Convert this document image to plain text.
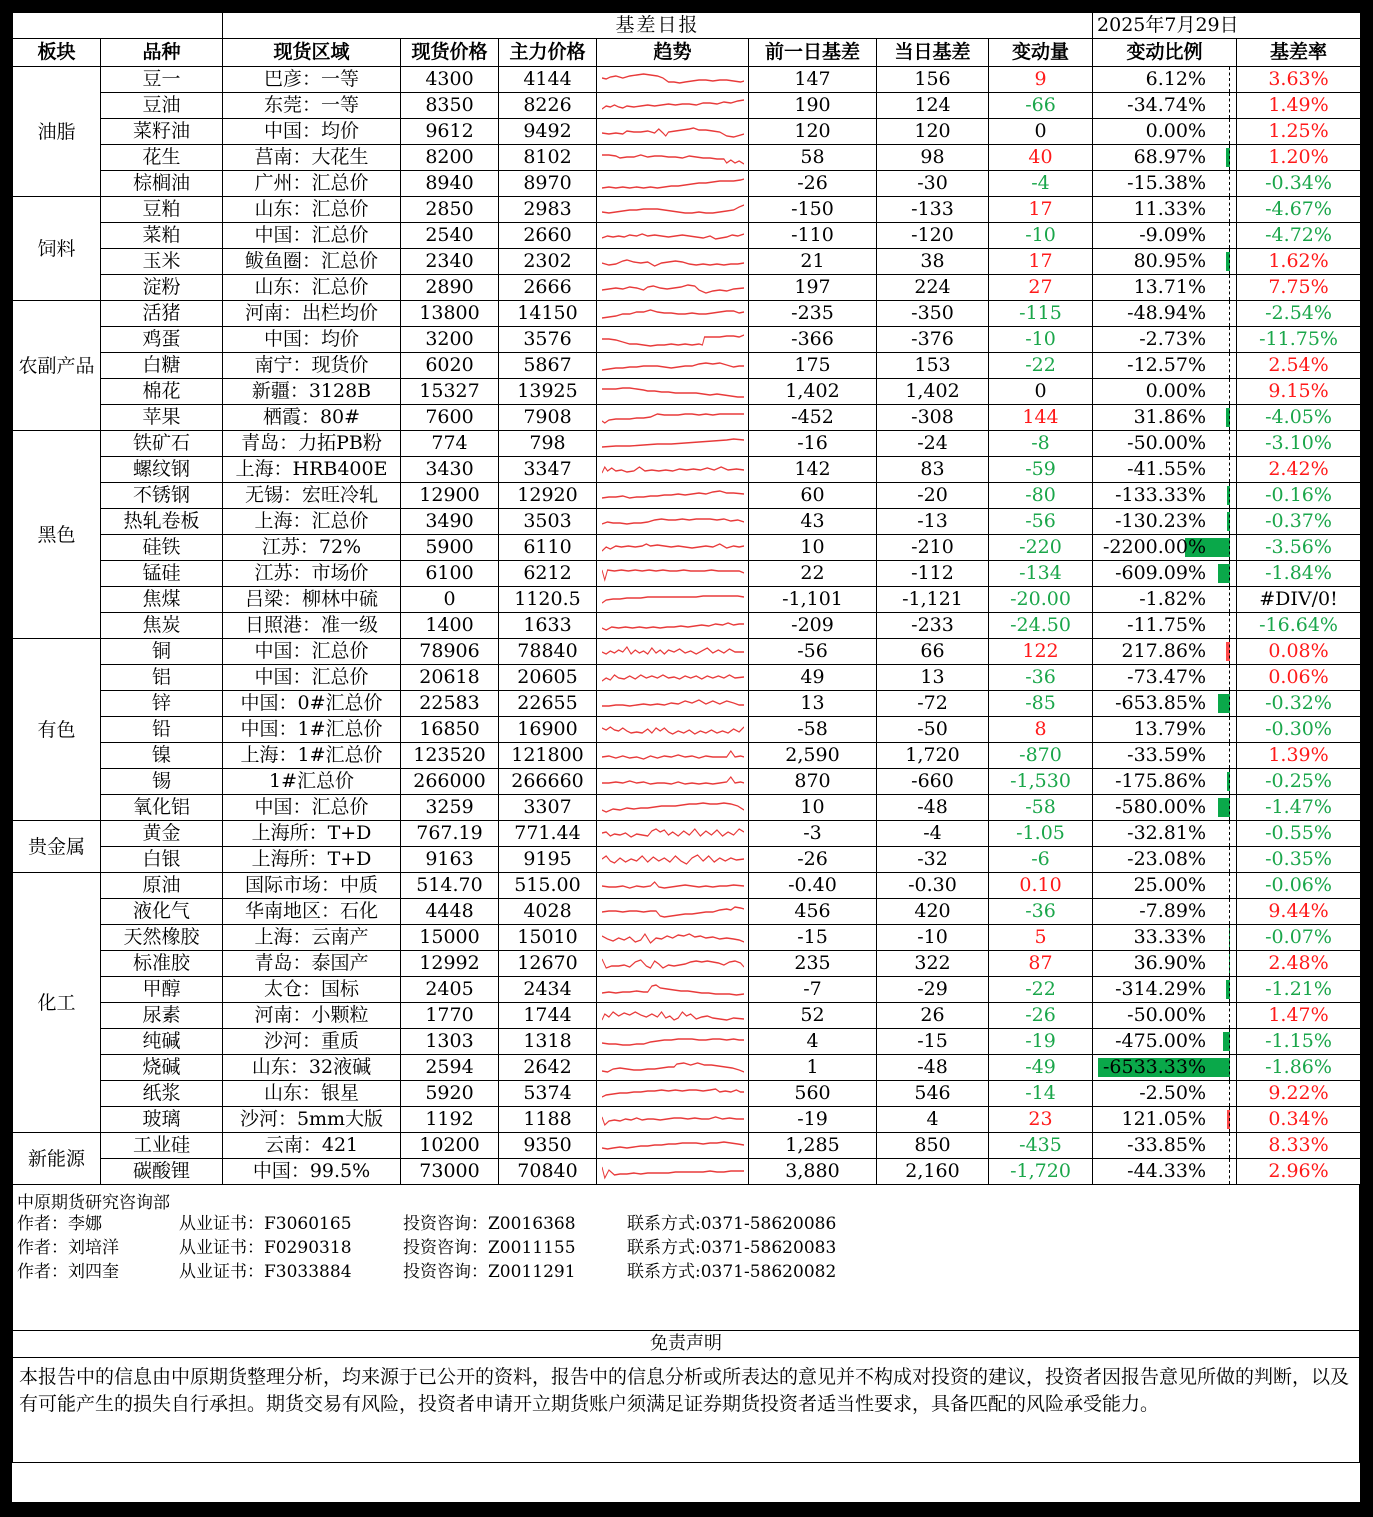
		基差日报							2025年7月29日	
板块	品种	现货区域	现货价格	主力价格	趋势	前一日基差	当日基差	变动量	变动比例	基差率
油脂	豆一	巴彦：一等	4300	4144		147	156	9	6.12%	3.63%
	豆油	东莞：一等	8350	8226		190	124	-66	-34.74%	1.49%
	菜籽油	中国：均价	9612	9492		120	120	0	0.00%	1.25%
	花生	莒南：大花生	8200	8102		58	98	40	68.97%	1.20%
	棕榈油	广州：汇总价	8940	8970		-26	-30	-4	-15.38%	-0.34%
饲料	豆粕	山东：汇总价	2850	2983		-150	-133	17	11.33%	-4.67%
	菜粕	中国：汇总价	2540	2660		-110	-120	-10	-9.09%	-4.72%
	玉米	鲅鱼圈：汇总价	2340	2302		21	38	17	80.95%	1.62%
	淀粉	山东：汇总价	2890	2666		197	224	27	13.71%	7.75%
农副产品	活猪	河南：出栏均价	13800	14150		-235	-350	-115	-48.94%	-2.54%
	鸡蛋	中国：均价	3200	3576		-366	-376	-10	-2.73%	-11.75%
	白糖	南宁：现货价	6020	5867		175	153	-22	-12.57%	2.54%
	棉花	新疆：3128B	15327	13925		1,402	1,402	0	0.00%	9.15%
	苹果	栖霞：80#	7600	7908		-452	-308	144	31.86%	-4.05%
黑色	铁矿石	青岛：力拓PB粉	774	798		-16	-24	-8	-50.00%	-3.10%
	螺纹钢	上海：HRB400E	3430	3347		142	83	-59	-41.55%	2.42%
	不锈钢	无锡：宏旺冷轧	12900	12920		60	-20	-80	-133.33%	-0.16%
	热轧卷板	上海：汇总价	3490	3503		43	-13	-56	-130.23%	-0.37%
	硅铁	江苏：72%	5900	6110		10	-210	-220	-2200.00%	-3.56%
	锰硅	江苏：市场价	6100	6212		22	-112	-134	-609.09%	-1.84%
	焦煤	吕梁：柳林中硫	0	1120.5		-1,101	-1,121	-20.00	-1.82%	#DIV/0!
	焦炭	日照港：准一级	1400	1633		-209	-233	-24.50	-11.75%	-16.64%
有色	铜	中国：汇总价	78906	78840		-56	66	122	217.86%	0.08%
	铝	中国：汇总价	20618	20605		49	13	-36	-73.47%	0.06%
	锌	中国：0#汇总价	22583	22655		13	-72	-85	-653.85%	-0.32%
	铅	中国：1#汇总价	16850	16900		-58	-50	8	13.79%	-0.30%
	镍	上海：1#汇总价	123520	121800		2,590	1,720	-870	-33.59%	1.39%
	锡	1#汇总价	266000	266660		870	-660	-1,530	-175.86%	-0.25%
	氧化铝	中国：汇总价	3259	3307		10	-48	-58	-580.00%	-1.47%
贵金属	黄金	上海所：T+D	767.19	771.44		-3	-4	-1.05	-32.81%	-0.55%
	白银	上海所：T+D	9163	9195		-26	-32	-6	-23.08%	-0.35%
化工	原油	国际市场：中质	514.70	515.00		-0.40	-0.30	0.10	25.00%	-0.06%
	液化气	华南地区：石化	4448	4028		456	420	-36	-7.89%	9.44%
	天然橡胶	上海：云南产	15000	15010		-15	-10	5	33.33%	-0.07%
	标准胶	青岛：泰国产	12992	12670		235	322	87	36.90%	2.48%
	甲醇	太仓：国标	2405	2434		-7	-29	-22	-314.29%	-1.21%
	尿素	河南：小颗粒	1770	1744		52	26	-26	-50.00%	1.47%
	纯碱	沙河：重质	1303	1318		4	-15	-19	-475.00%	-1.15%
	烧碱	山东：32液碱	2594	2642		1	-48	-49	-6533.33%	-1.86%
	纸浆	山东：银星	5920	5374		560	546	-14	-2.50%	9.22%
	玻璃	沙河：5mm大版	1192	1188		-19	4	23	121.05%	0.34%
新能源	工业硅	云南：421	10200	9350		1,285	850	-435	-33.85%	8.33%
	碳酸锂	中国：99.5%	73000	70840		3,880	2,160	-1,720	-44.33%	2.96%
中原期货研究咨询部
作者：李娜	从业证书：F3060165	投资咨询：Z0016368	联系方式:0371-58620086
作者：刘培洋	从业证书：F0290318	投资咨询：Z0011155	联系方式:0371-58620083
作者：刘四奎	从业证书：F3033884	投资咨询：Z0011291	联系方式:0371-58620082
免责声明
本报告中的信息由中原期货整理分析，均来源于已公开的资料，报告中的信息分析或所表达的意见并不构成对投资的建议，投资者因报告意见所做的判断，以及有可能产生的损失自行承担。期货交易有风险，投资者申请开立期货账户须满足证券期货投资者适当性要求，具备匹配的风险承受能力。
